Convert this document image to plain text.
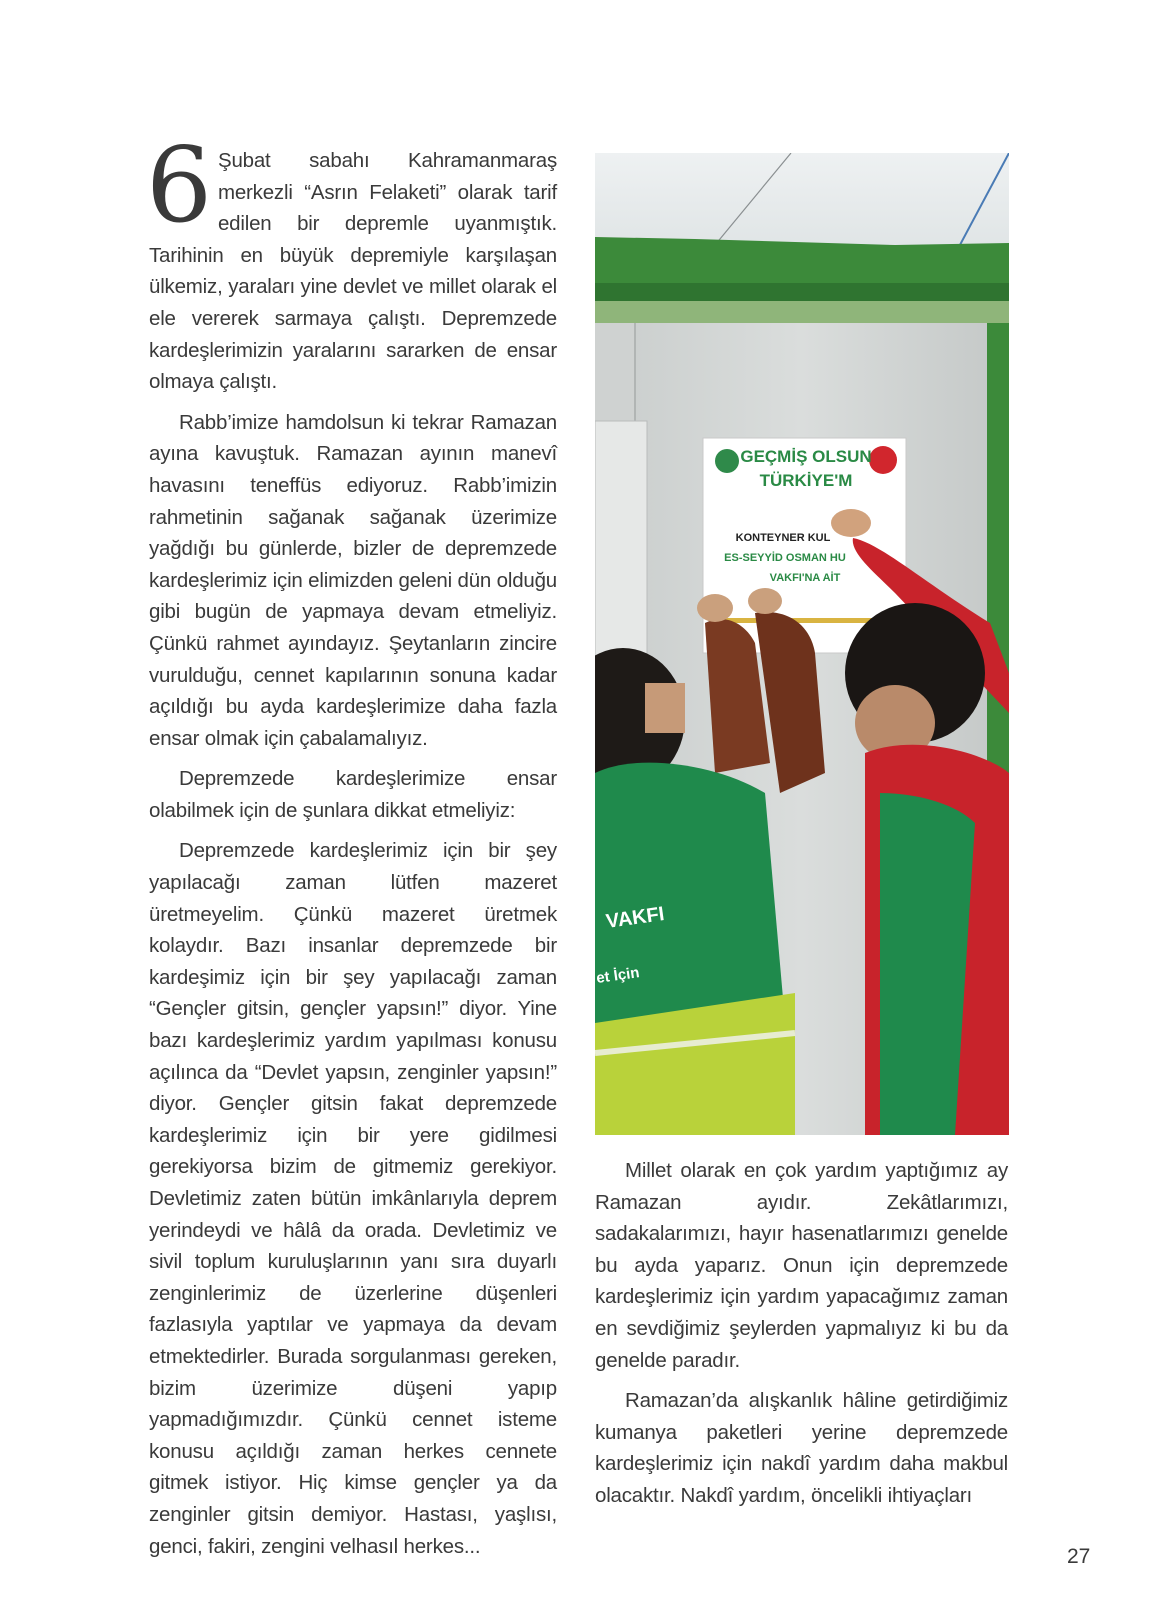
6 Şubat sabahı Kahramanmaraş merkezli “Asrın Felaketi” olarak tarif edilen bir depremle uyanmıştık. Tarihinin en büyük depremiyle karşılaşan ülkemiz, yaraları yine devlet ve millet olarak el ele vererek sarmaya çalıştı. Depremzede kardeşlerimizin yaralarını sararken de ensar olmaya çalıştı.

Rabb’imize hamdolsun ki tekrar Ramazan ayına kavuştuk. Ramazan ayının manevî havasını teneffüs ediyoruz. Rabb’imizin rahmetinin sağanak sağanak üzerimize yağdığı bu günlerde, bizler de depremzede kardeşlerimiz için elimizden geleni dün olduğu gibi bugün de yapmaya devam etmeliyiz. Çünkü rahmet ayındayız. Şeytanların zincire vurulduğu, cennet kapılarının sonuna kadar açıldığı bu ayda kardeşlerimize daha fazla ensar olmak için çabalamalıyız.

Depremzede kardeşlerimize ensar olabilmek için de şunlara dikkat etmeliyiz:

Depremzede kardeşlerimiz için bir şey yapılacağı zaman lütfen mazeret üretmeyelim. Çünkü mazeret üretmek kolaydır. Bazı insanlar depremzede bir kardeşimiz için bir şey yapılacağı zaman “Gençler gitsin, gençler yapsın!” diyor. Yine bazı kardeşlerimiz yardım yapılması konusu açılınca da “Devlet yapsın, zenginler yapsın!” diyor. Gençler gitsin fakat depremzede kardeşlerimiz için bir yere gidilmesi gerekiyorsa bizim de gitmemiz gerekiyor. Devletimiz zaten bütün imkânlarıyla deprem yerindeydi ve hâlâ da orada. Devletimiz ve sivil toplum kuruluşlarının yanı sıra duyarlı zenginlerimiz de üzerlerine düşenleri fazlasıyla yaptılar ve yapmaya da devam etmektedirler. Burada sorgulanması gereken, bizim üzerimize düşeni yapıp yapmadığımızdır. Çünkü cennet isteme konusu açıldığı zaman herkes cennete gitmek istiyor. Hiç kimse gençler ya da zenginler gitsin demiyor. Hastası, yaşlısı, genci, fakiri, zengini velhasıl herkes...

GEÇMİŞ OLSUN
TÜRKİYE'M
KONTEYNER KUL
ES-SEYYİD OSMAN HU
VAKFI'NA AİT
VAKFI
et İçin

Millet olarak en çok yardım yaptığımız ay Ramazan ayıdır. Zekâtlarımızı, sadakalarımızı, hayır hasenatlarımızı genelde bu ayda yaparız. Onun için depremzede kardeşlerimiz için yardım yapacağımız zaman en sevdiğimiz şeylerden yapmalıyız ki bu da genelde paradır.

Ramazan’da alışkanlık hâline getirdiğimiz kumanya paketleri yerine depremzede kardeşlerimiz için nakdî yardım daha makbul olacaktır. Nakdî yardım, öncelikli ihtiyaçları

27
